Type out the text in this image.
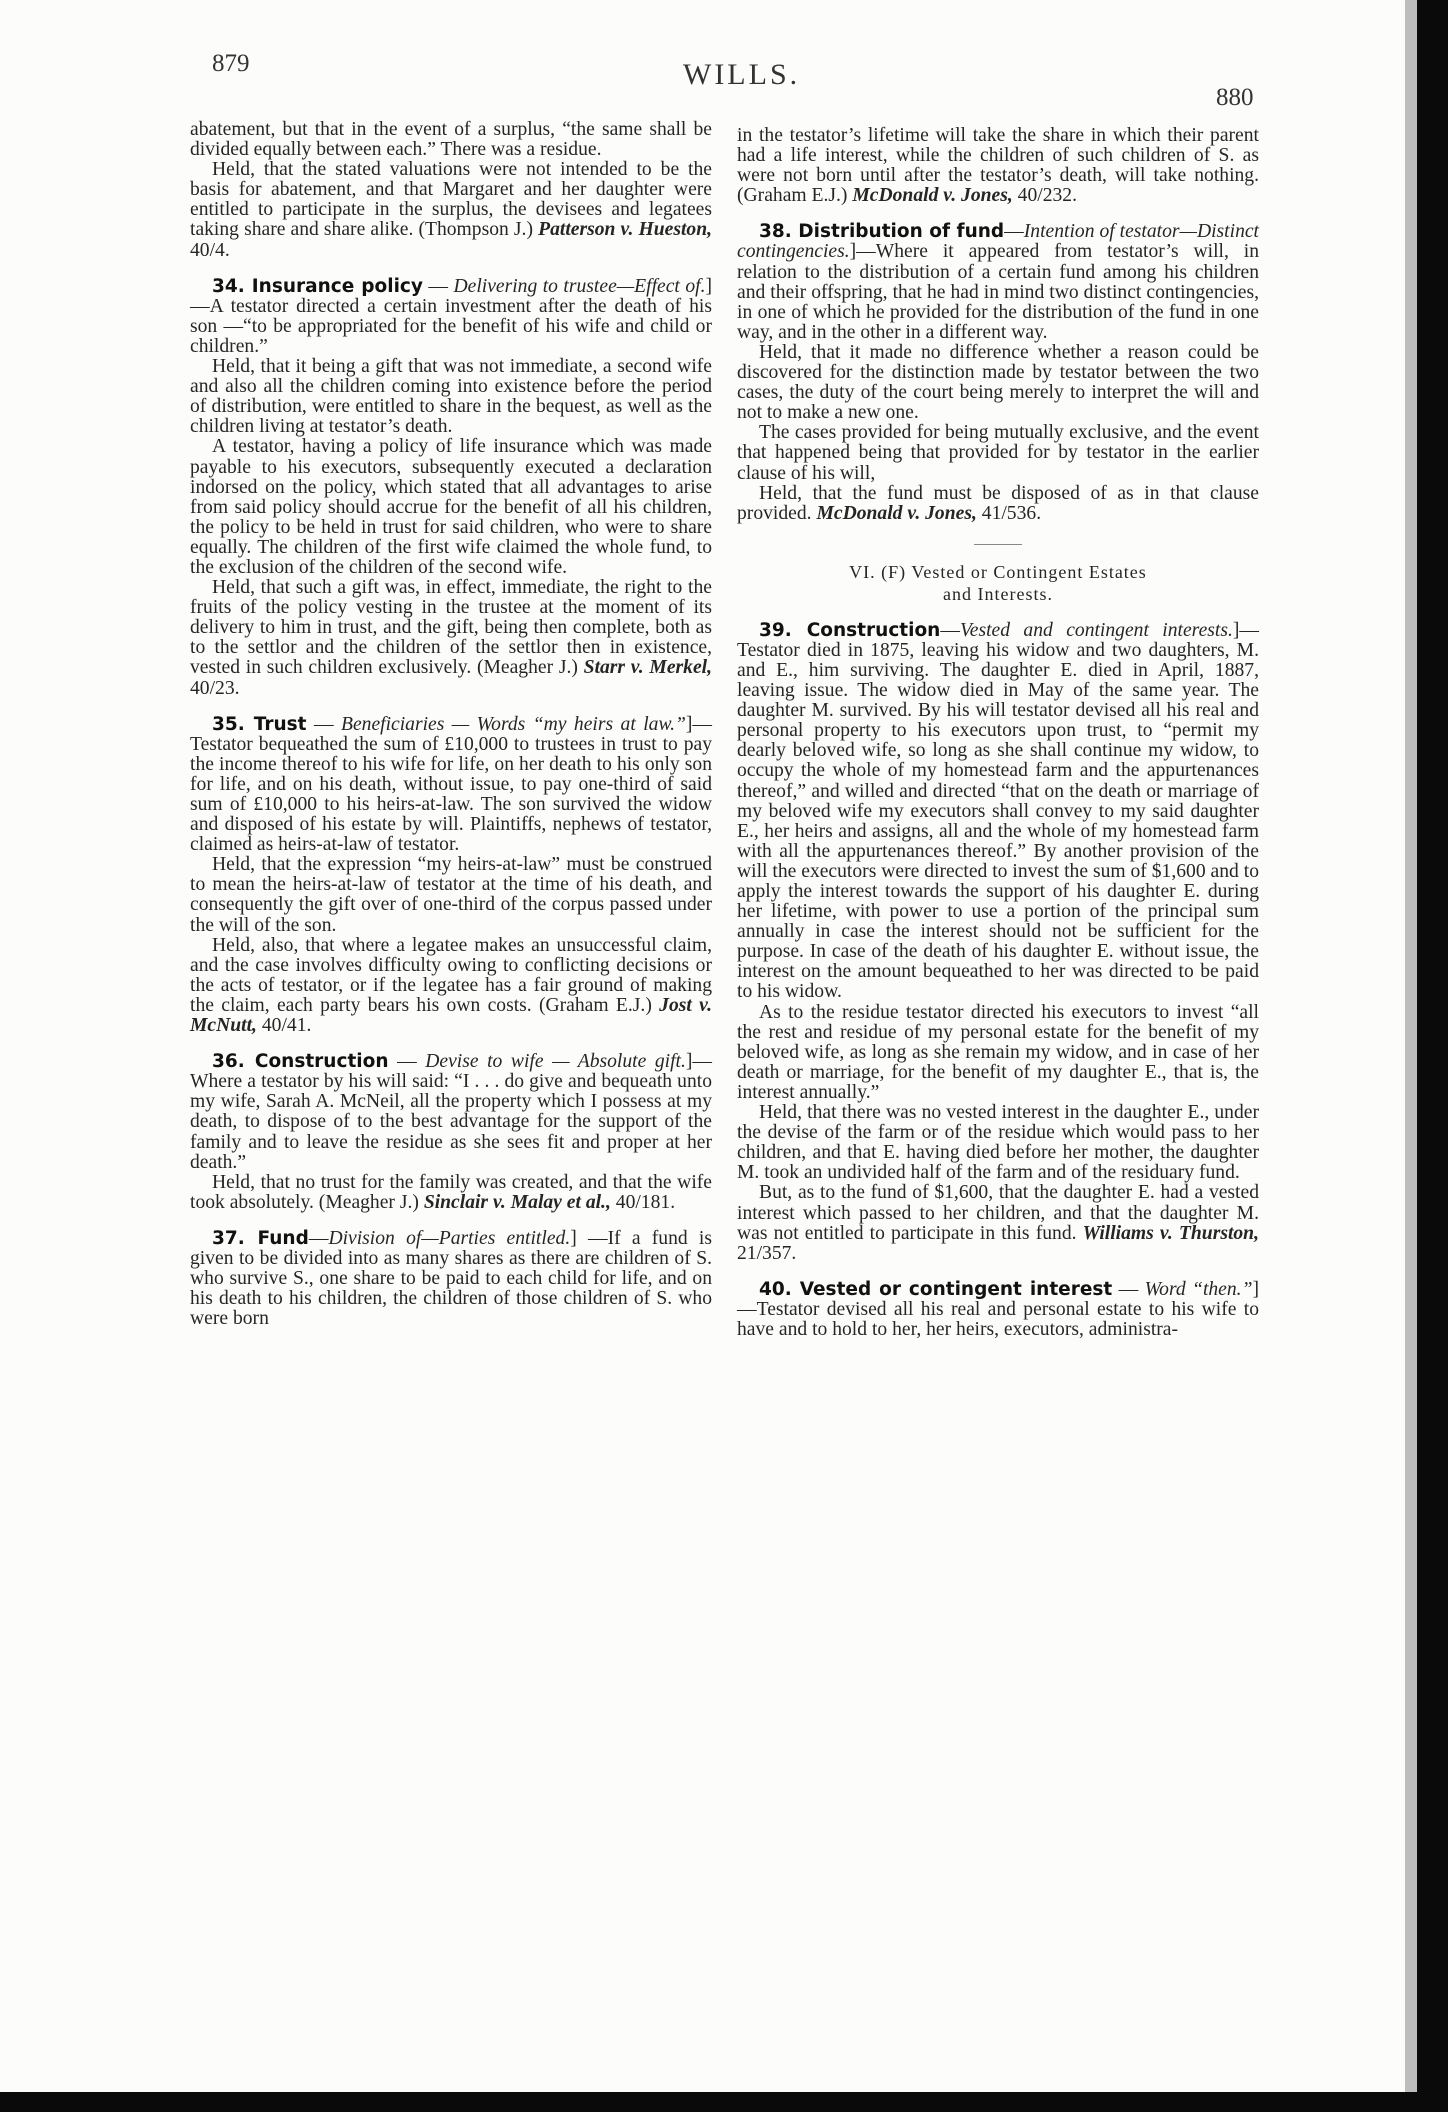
879	WILLS.
880

abatement, but that in the event of a surplus, “the same shall be divided equally between each.” There was a residue.

Held, that the stated valuations were not intended to be the basis for abatement, and that Margaret and her daughter were entitled to participate in the surplus, the devisees and legatees taking share and share alike. (Thompson J.) Patterson v. Hueston, 40/4.

34. Insurance policy — Delivering to trustee—Effect of.]—A testator directed a certain investment after the death of his son —“to be appropriated for the benefit of his wife and child or children.”

Held, that it being a gift that was not immediate, a second wife and also all the children coming into existence before the period of distribution, were entitled to share in the bequest, as well as the children living at testator’s death.

A testator, having a policy of life insurance which was made payable to his executors, subsequently executed a declaration indorsed on the policy, which stated that all advantages to arise from said policy should accrue for the benefit of all his children, the policy to be held in trust for said children, who were to share equally. The children of the first wife claimed the whole fund, to the exclusion of the children of the second wife.

Held, that such a gift was, in effect, immediate, the right to the fruits of the policy vesting in the trustee at the moment of its delivery to him in trust, and the gift, being then complete, both as to the settlor and the children of the settlor then in existence, vested in such children exclusively. (Meagher J.) Starr v. Merkel, 40/23.

35. Trust — Beneficiaries — Words “my heirs at law.”]—Testator bequeathed the sum of £10,000 to trustees in trust to pay the income thereof to his wife for life, on her death to his only son for life, and on his death, without issue, to pay one-third of said sum of £10,000 to his heirs-at-law. The son survived the widow and disposed of his estate by will. Plaintiffs, nephews of testator, claimed as heirs-at-law of testator.

Held, that the expression “my heirs-at-law” must be construed to mean the heirs-at-law of testator at the time of his death, and consequently the gift over of one-third of the corpus passed under the will of the son.

Held, also, that where a legatee makes an unsuccessful claim, and the case involves difficulty owing to conflicting decisions or the acts of testator, or if the legatee has a fair ground of making the claim, each party bears his own costs. (Graham E.J.) Jost v. McNutt, 40/41.

36. Construction — Devise to wife — Absolute gift.]—Where a testator by his will said: “I . . . do give and bequeath unto my wife, Sarah A. McNeil, all the property which I possess at my death, to dispose of to the best advantage for the support of the family and to leave the residue as she sees fit and proper at her death.”

Held, that no trust for the family was created, and that the wife took absolutely. (Meagher J.) Sinclair v. Malay et al., 40/181.

37. Fund—Division of—Parties entitled.] —If a fund is given to be divided into as many shares as there are children of S. who survive S., one share to be paid to each child for life, and on his death to his children, the children of those children of S. who were born

in the testator’s lifetime will take the share in which their parent had a life interest, while the children of such children of S. as were not born until after the testator’s death, will take nothing. (Graham E.J.) McDonald v. Jones, 40/232.

38. Distribution of fund—Intention of testator—Distinct contingencies.]—Where it appeared from testator’s will, in relation to the distribution of a certain fund among his children and their offspring, that he had in mind two distinct contingencies, in one of which he provided for the distribution of the fund in one way, and in the other in a different way.

Held, that it made no difference whether a reason could be discovered for the distinction made by testator between the two cases, the duty of the court being merely to interpret the will and not to make a new one.

The cases provided for being mutually exclusive, and the event that happened being that provided for by testator in the earlier clause of his will,

Held, that the fund must be disposed of as in that clause provided. McDonald v. Jones, 41/536.

VI. (F) Vested or Contingent Estates
and Interests.

39. Construction—Vested and contingent interests.]—Testator died in 1875, leaving his widow and two daughters, M. and E., him surviving. The daughter E. died in April, 1887, leaving issue. The widow died in May of the same year. The daughter M. survived. By his will testator devised all his real and personal property to his executors upon trust, to “permit my dearly beloved wife, so long as she shall continue my widow, to occupy the whole of my homestead farm and the appurtenances thereof,” and willed and directed “that on the death or marriage of my beloved wife my executors shall convey to my said daughter E., her heirs and assigns, all and the whole of my homestead farm with all the appurtenances thereof.” By another provision of the will the executors were directed to invest the sum of $1,600 and to apply the interest towards the support of his daughter E. during her lifetime, with power to use a portion of the principal sum annually in case the interest should not be sufficient for the purpose. In case of the death of his daughter E. without issue, the interest on the amount bequeathed to her was directed to be paid to his widow.

As to the residue testator directed his executors to invest “all the rest and residue of my personal estate for the benefit of my beloved wife, as long as she remain my widow, and in case of her death or marriage, for the benefit of my daughter E., that is, the interest annually.”

Held, that there was no vested interest in the daughter E., under the devise of the farm or of the residue which would pass to her children, and that E. having died before her mother, the daughter M. took an undivided half of the farm and of the residuary fund.

But, as to the fund of $1,600, that the daughter E. had a vested interest which passed to her children, and that the daughter M. was not entitled to participate in this fund. Williams v. Thurston, 21/357.

40. Vested or contingent interest — Word “then.”]—Testator devised all his real and personal estate to his wife to have and to hold to her, her heirs, executors, administra-
